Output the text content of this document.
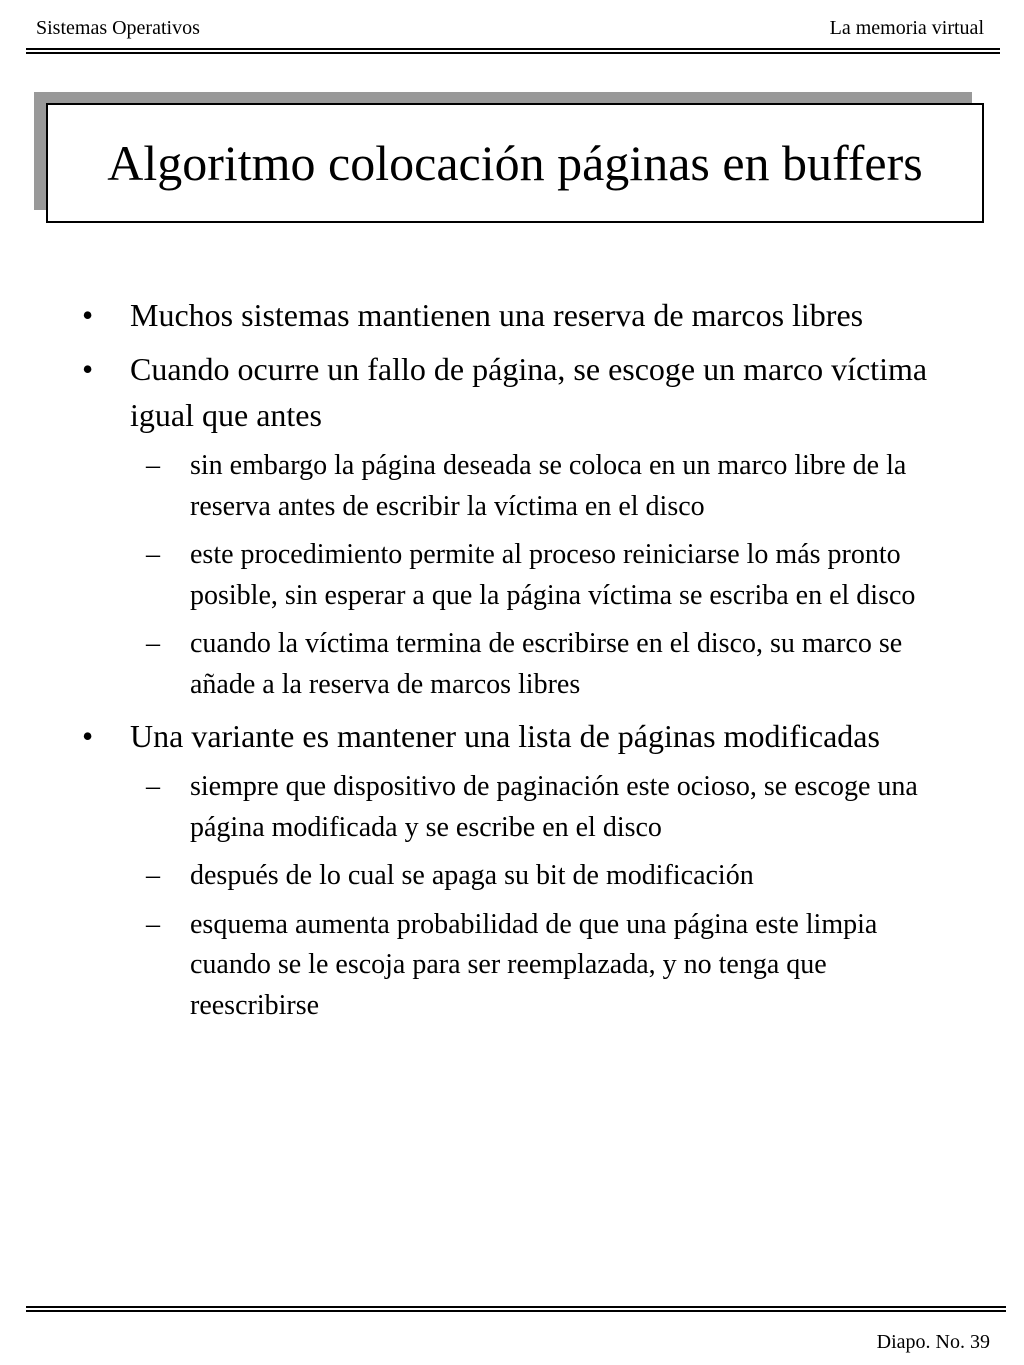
Sistemas Operativos	La memoria virtual
Algoritmo colocación páginas en buffers
• Muchos sistemas mantienen una reserva de marcos libres
• Cuando ocurre un fallo de página, se escoge un marco víctima igual que antes
– sin embargo la página deseada se coloca en un marco libre de la reserva antes de escribir la víctima en el disco
– este procedimiento permite al proceso reiniciarse lo más pronto posible, sin esperar a que la página víctima se escriba en el disco
– cuando la víctima termina de escribirse en el disco, su marco se añade a la reserva de marcos libres
• Una variante es mantener una lista de páginas modificadas
– siempre que dispositivo de paginación este ocioso, se escoge una página modificada y se escribe en el disco
– después de lo cual se apaga su bit de modificación
– esquema aumenta probabilidad de que una página este limpia cuando se le escoja para ser reemplazada, y no tenga que reescribirse
Diapo. No. 39
